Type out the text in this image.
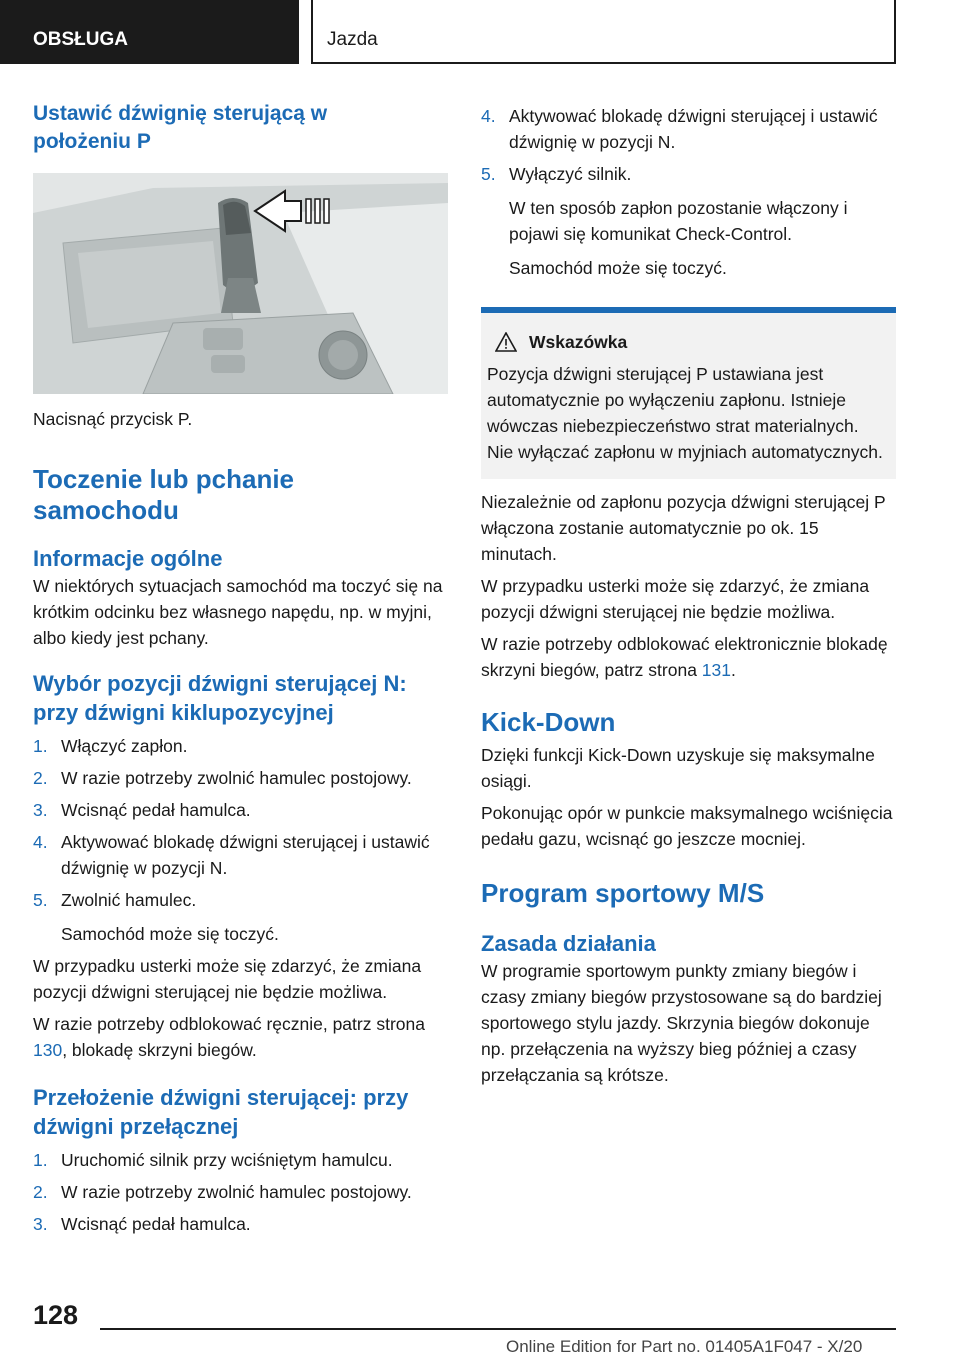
OBSŁUGA	Jazda
Ustawić dźwignię sterującą w położeniu P

Nacisnąć przycisk P.

Toczenie lub pchanie samochodu
Informacje ogólne

W niektórych sytuacjach samochód ma toczyć się na krótkim odcinku bez własnego napędu, np. w myjni, albo kiedy jest pchany.

Wybór pozycji dźwigni sterującej N: przy dźwigni kiklupozycyjnej
1. Włączyć zapłon.
2. W razie potrzeby zwolnić hamulec postojowy.
3. Wcisnąć pedał hamulca.
4. Aktywować blokadę dźwigni sterującej i ustawić dźwignię w pozycji N.
5. Zwolnić hamulec.
Samochód może się toczyć.

W przypadku usterki może się zdarzyć, że zmiana pozycji dźwigni sterującej nie będzie możliwa.

W razie potrzeby odblokować ręcznie, patrz strona 130, blokadę skrzyni biegów.

Przełożenie dźwigni sterującej: przy dźwigni przełącznej
1. Uruchomić silnik przy wciśniętym hamulcu.
2. W razie potrzeby zwolnić hamulec postojowy.
3. Wcisnąć pedał hamulca.
4. Aktywować blokadę dźwigni sterującej i ustawić dźwignię w pozycji N.
5. Wyłączyć silnik.
W ten sposób zapłon pozostanie włączony i pojawi się komunikat Check-Control.
Samochód może się toczyć.
Wskazówka

Pozycja dźwigni sterującej P ustawiana jest automatycznie po wyłączeniu zapłonu. Istnieje wówczas niebezpieczeństwo strat materialnych. Nie wyłączać zapłonu w myjniach automatycznych.

Niezależnie od zapłonu pozycja dźwigni sterującej P włączona zostanie automatycznie po ok. 15 minutach.

W przypadku usterki może się zdarzyć, że zmiana pozycji dźwigni sterującej nie będzie możliwa.

W razie potrzeby odblokować elektronicznie blokadę skrzyni biegów, patrz strona 131.

Kick-Down

Dzięki funkcji Kick-Down uzyskuje się maksymalne osiągi.

Pokonując opór w punkcie maksymalnego wciśnięcia pedału gazu, wcisnąć go jeszcze mocniej.

Program sportowy M/S
Zasada działania

W programie sportowym punkty zmiany biegów i czasy zmiany biegów przystosowane są do bardziej sportowego stylu jazdy. Skrzynia biegów dokonuje np. przełączenia na wyższy bieg później a czasy przełączania są krótsze.

128
Online Edition for Part no. 01405A1F047 - X/20
